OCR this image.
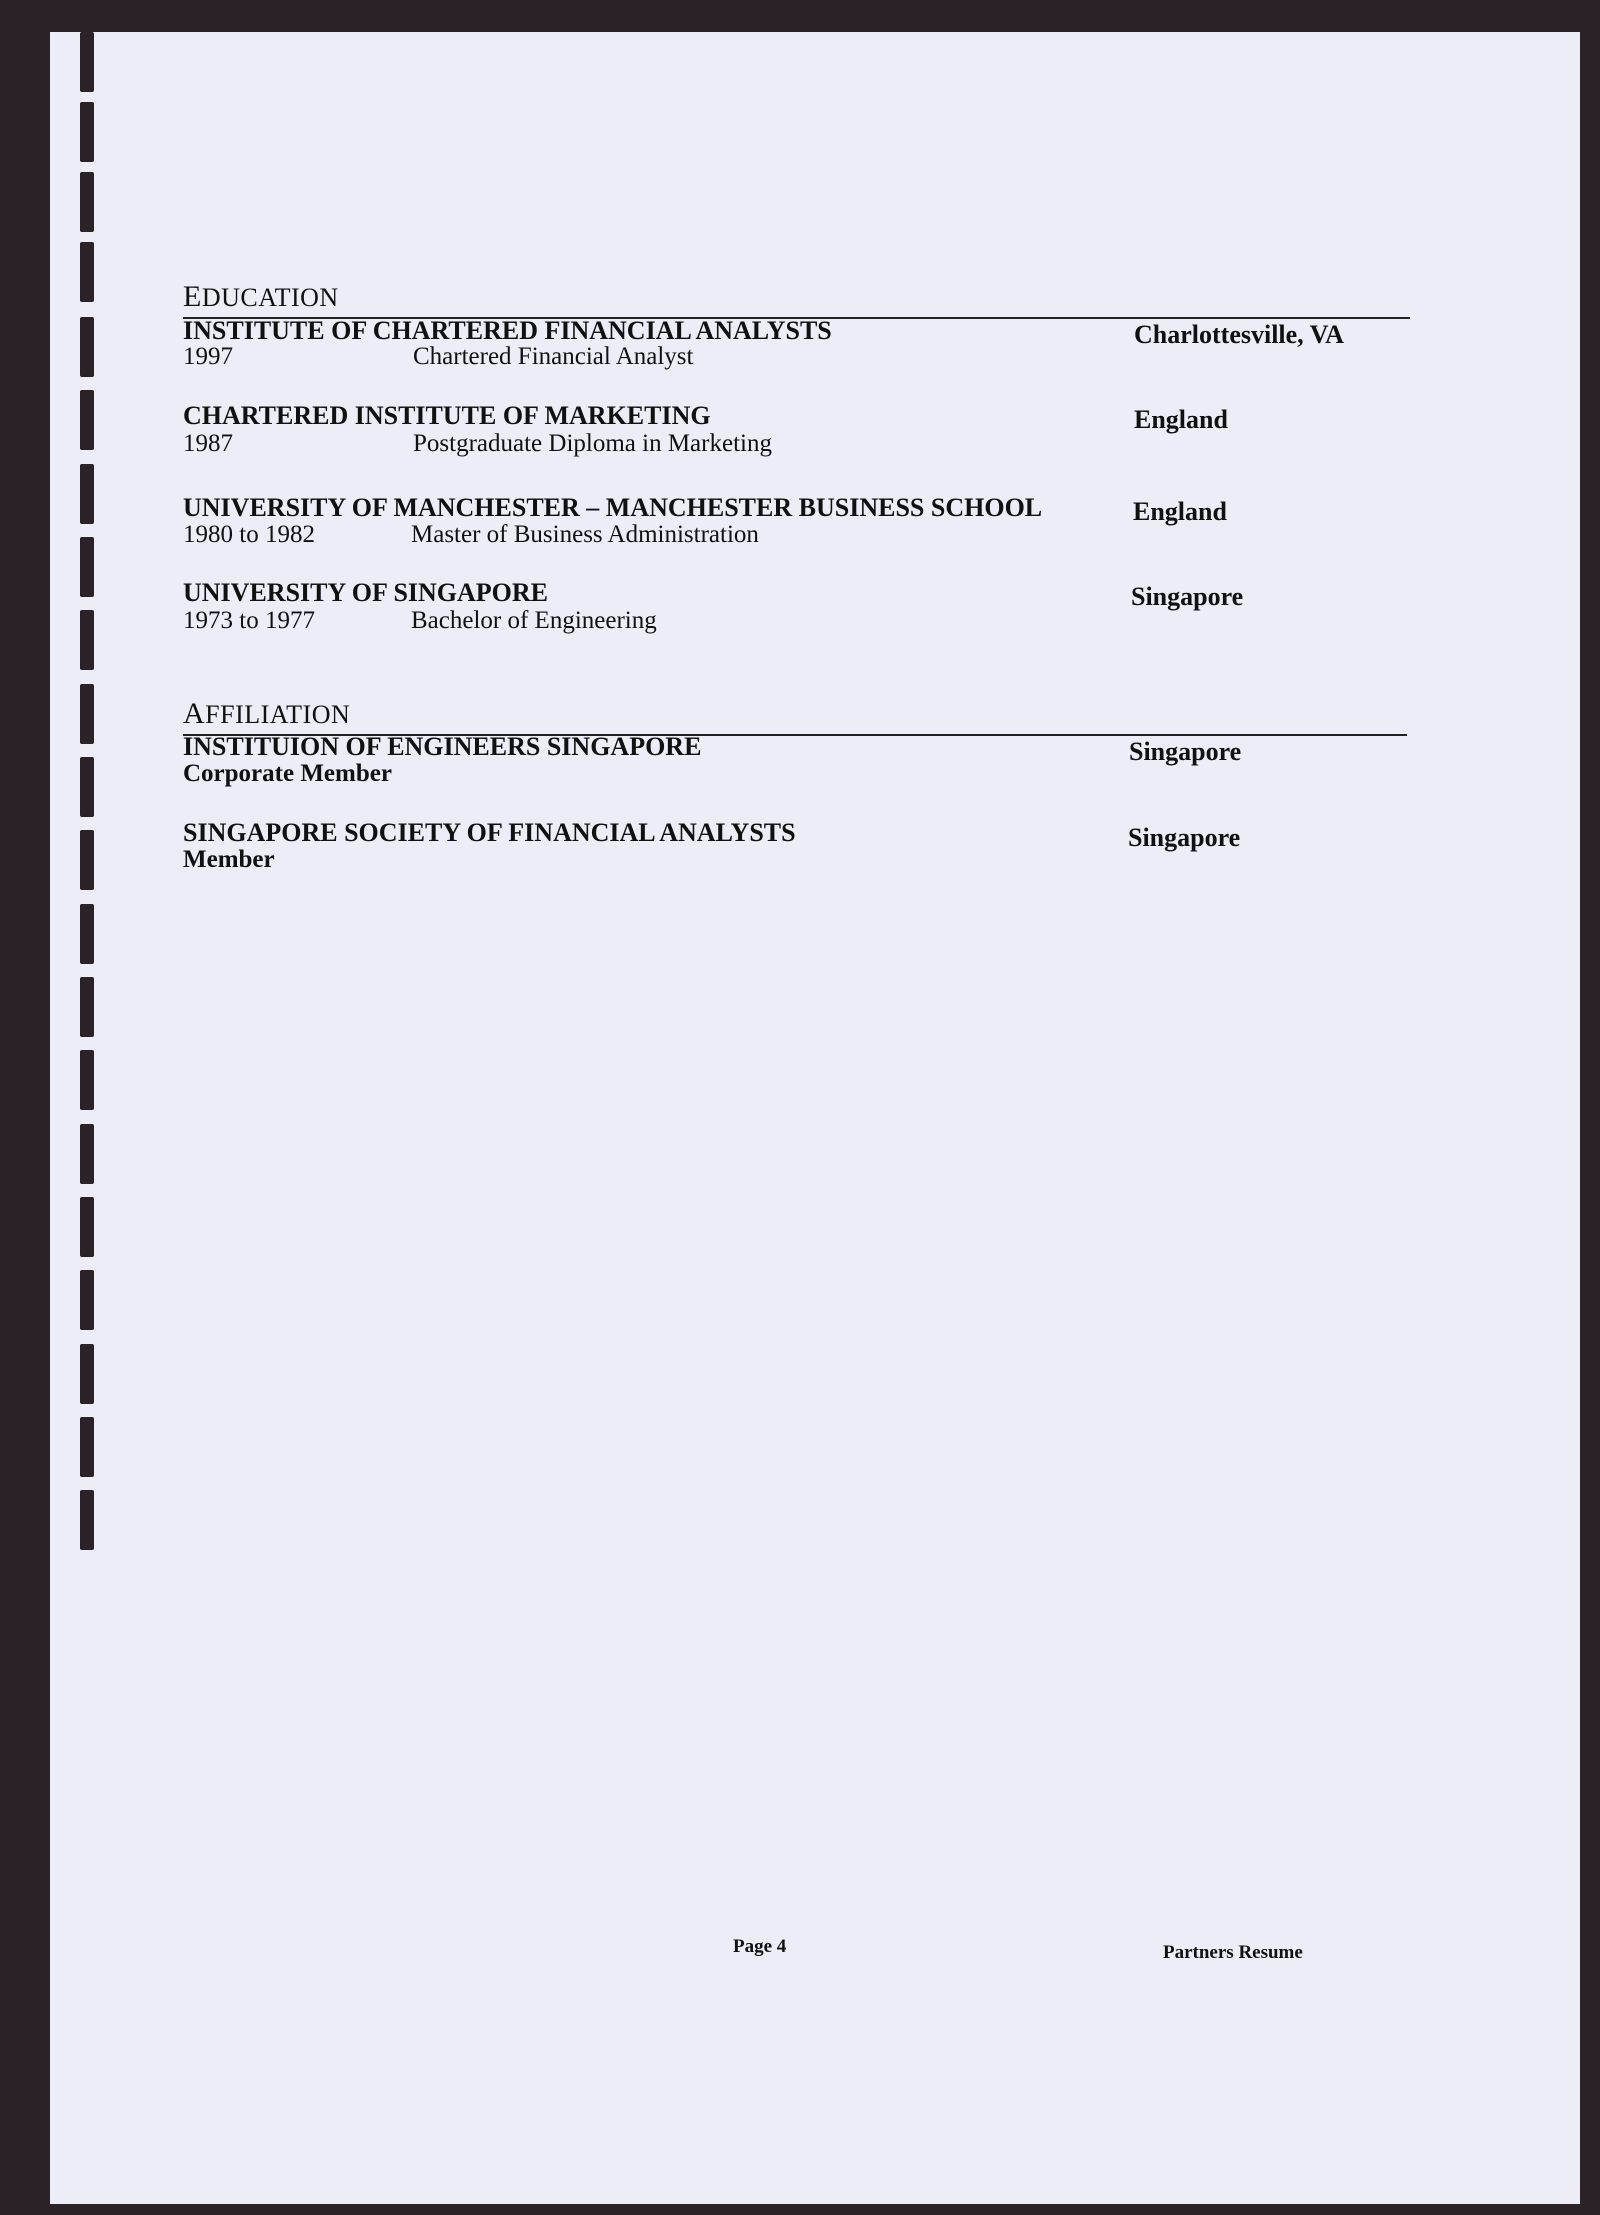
EDUCATION
INSTITUTE OF CHARTERED FINANCIAL ANALYSTS	Charlottesville, VA
1997	Chartered Financial Analyst
CHARTERED INSTITUTE OF MARKETING	England
1987	Postgraduate Diploma in Marketing
UNIVERSITY OF MANCHESTER – MANCHESTER BUSINESS SCHOOL	England
1980 to 1982	Master of Business Administration
UNIVERSITY OF SINGAPORE	Singapore
1973 to 1977	Bachelor of Engineering
AFFILIATION
INSTITUION OF ENGINEERS SINGAPORE	Singapore
Corporate Member
SINGAPORE SOCIETY OF FINANCIAL ANALYSTS	Singapore
Member
Page 4	Partners Resume
